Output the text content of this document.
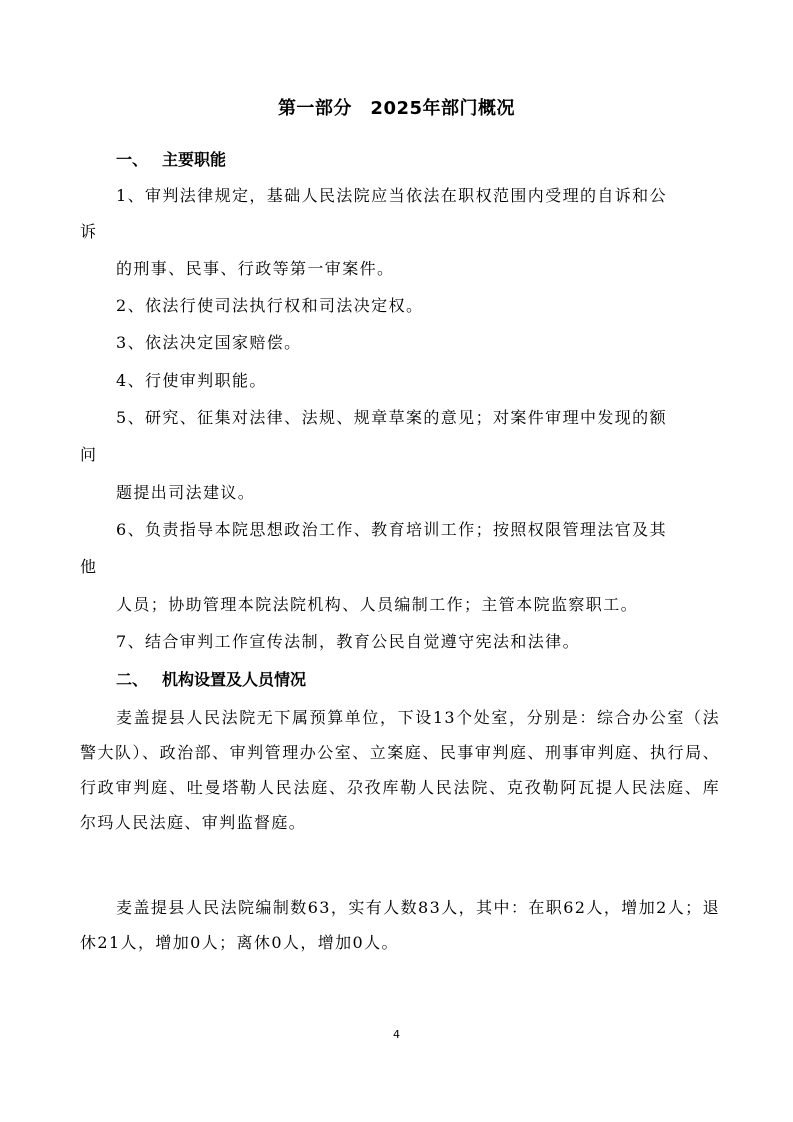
第一部分　2025年部门概况
一、 主要职能
1、审判法律规定，基础人民法院应当依法在职权范围内受理的自诉和公
诉
的刑事、民事、行政等第一审案件。
2、依法行使司法执行权和司法决定权。
3、依法决定国家赔偿。
4、行使审判职能。
5、研究、征集对法律、法规、规章草案的意见；对案件审理中发现的额
问
题提出司法建议。
6、负责指导本院思想政治工作、教育培训工作；按照权限管理法官及其
他
人员；协助管理本院法院机构、人员编制工作；主管本院监察职工。
7、结合审判工作宣传法制，教育公民自觉遵守宪法和法律。
二、 机构设置及人员情况

麦盖提县人民法院无下属预算单位，下设13个处室，分别是：综合办公室（法警大队）、政治部、审判管理办公室、立案庭、民事审判庭、刑事审判庭、执行局、行政审判庭、吐曼塔勒人民法庭、尕孜库勒人民法院、克孜勒阿瓦提人民法庭、库尔玛人民法庭、审判监督庭。

麦盖提县人民法院编制数63，实有人数83人，其中：在职62人，增加2人；退休21人，增加0人；离休0人，增加0人。

4
